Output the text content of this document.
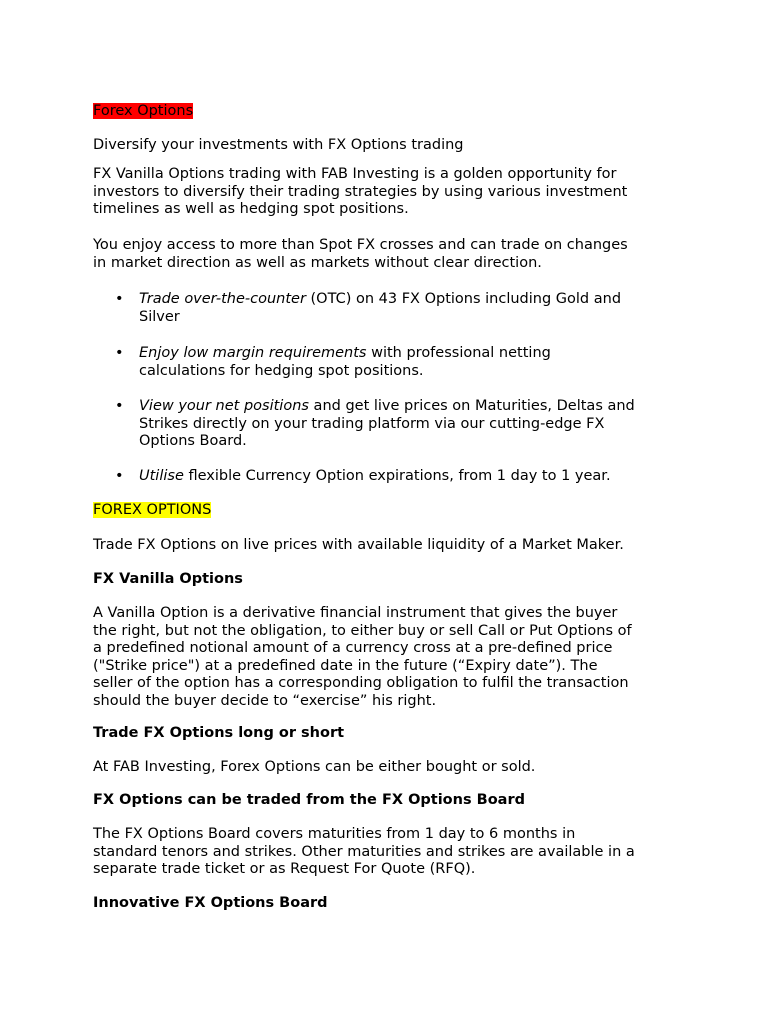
Forex Options
Diversify your investments with FX Options trading

FX Vanilla Options trading with FAB Investing is a golden opportunity for

investors to diversify their trading strategies by using various investment

timelines as well as hedging spot positions.

You enjoy access to more than Spot FX crosses and can trade on changes

in market direction as well as markets without clear direction.

• Trade over-the-counter (OTC) on 43 FX Options including Gold and

Silver

• Enjoy low margin requirements with professional netting

calculations for hedging spot positions.

• View your net positions and get live prices on Maturities, Deltas and

Strikes directly on your trading platform via our cutting-edge FX

Options Board.

• Utilise flexible Currency Option expirations, from 1 day to 1 year.

FOREX OPTIONS
Trade FX Options on live prices with available liquidity of a Market Maker.
FX Vanilla Options

A Vanilla Option is a derivative financial instrument that gives the buyer

the right, but not the obligation, to either buy or sell Call or Put Options of

a predefined notional amount of a currency cross at a pre-defined price

("Strike price") at a predefined date in the future (“Expiry date”). The

seller of the option has a corresponding obligation to fulfil the transaction

should the buyer decide to “exercise” his right.

Trade FX Options long or short
At FAB Investing, Forex Options can be either bought or sold.
FX Options can be traded from the FX Options Board

The FX Options Board covers maturities from 1 day to 6 months in

standard tenors and strikes. Other maturities and strikes are available in a

separate trade ticket or as Request For Quote (RFQ).

Innovative FX Options Board
